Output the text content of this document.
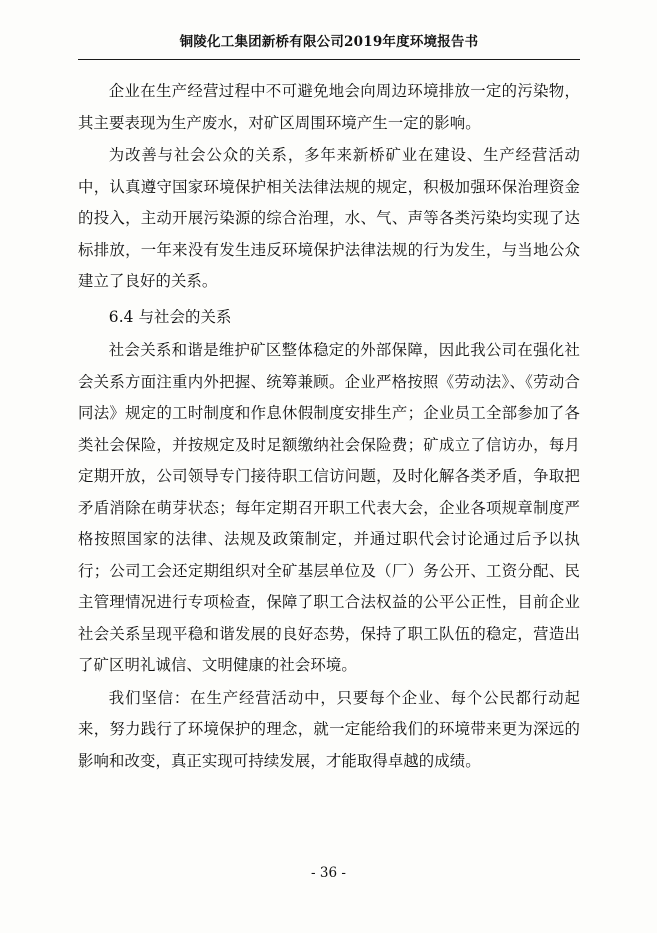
铜陵化工集团新桥有限公司2019年度环境报告书

企业在生产经营过程中不可避免地会向周边环境排放一定的污染物，其主要表现为生产废水，对矿区周围环境产生一定的影响。

为改善与社会公众的关系，多年来新桥矿业在建设、生产经营活动中，认真遵守国家环境保护相关法律法规的规定，积极加强环保治理资金的投入，主动开展污染源的综合治理，水、气、声等各类污染均实现了达标排放，一年来没有发生违反环境保护法律法规的行为发生，与当地公众建立了良好的关系。

6.4 与社会的关系

社会关系和谐是维护矿区整体稳定的外部保障，因此我公司在强化社会关系方面注重内外把握、统筹兼顾。企业严格按照《劳动法》、《劳动合同法》规定的工时制度和作息休假制度安排生产；企业员工全部参加了各类社会保险，并按规定及时足额缴纳社会保险费；矿成立了信访办，每月定期开放，公司领导专门接待职工信访问题，及时化解各类矛盾，争取把矛盾消除在萌芽状态；每年定期召开职工代表大会，企业各项规章制度严格按照国家的法律、法规及政策制定，并通过职代会讨论通过后予以执行；公司工会还定期组织对全矿基层单位及（厂）务公开、工资分配、民主管理情况进行专项检查，保障了职工合法权益的公平公正性，目前企业社会关系呈现平稳和谐发展的良好态势，保持了职工队伍的稳定，营造出了矿区明礼诚信、文明健康的社会环境。

我们坚信：在生产经营活动中，只要每个企业、每个公民都行动起来，努力践行了环境保护的理念，就一定能给我们的环境带来更为深远的影响和改变，真正实现可持续发展，才能取得卓越的成绩。

- 36 -
